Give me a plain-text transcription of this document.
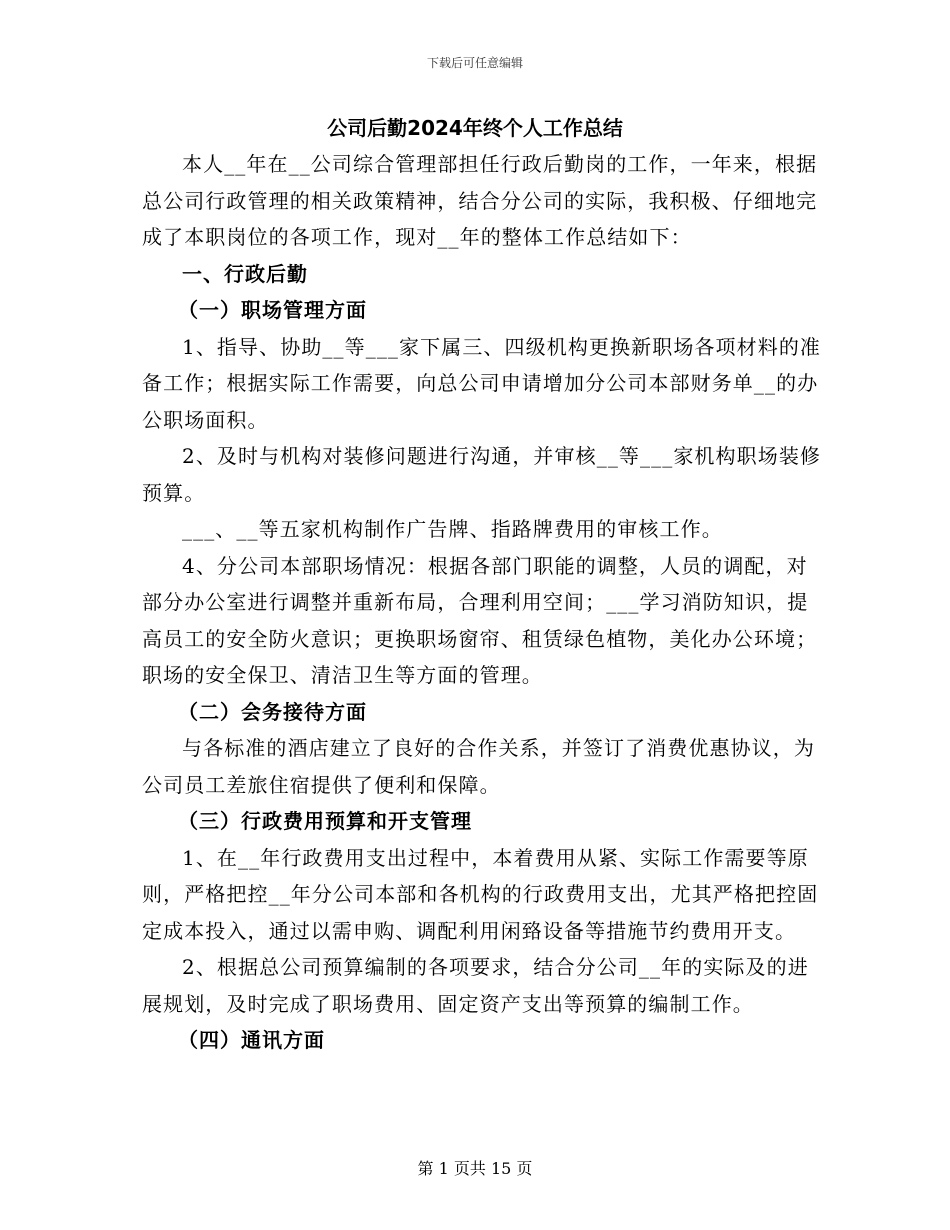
下载后可任意编辑
公司后勤2024年终个人工作总结

本人__年在__公司综合管理部担任行政后勤岗的工作，一年来，根据总公司行政管理的相关政策精神，结合分公司的实际，我积极、仔细地完成了本职岗位的各项工作，现对__年的整体工作总结如下：

一、行政后勤

（一）职场管理方面

1、指导、协助__等___家下属三、四级机构更换新职场各项材料的准备工作；根据实际工作需要，向总公司申请增加分公司本部财务单__的办公职场面积。

2、及时与机构对装修问题进行沟通，并审核__等___家机构职场装修预算。

___、__等五家机构制作广告牌、指路牌费用的审核工作。

4、分公司本部职场情况：根据各部门职能的调整，人员的调配，对部分办公室进行调整并重新布局，合理利用空间；___学习消防知识，提高员工的安全防火意识；更换职场窗帘、租赁绿色植物，美化办公环境；职场的安全保卫、清洁卫生等方面的管理。

（二）会务接待方面

与各标准的酒店建立了良好的合作关系，并签订了消费优惠协议，为公司员工差旅住宿提供了便利和保障。

（三）行政费用预算和开支管理

1、在__年行政费用支出过程中，本着费用从紧、实际工作需要等原则，严格把控__年分公司本部和各机构的行政费用支出，尤其严格把控固定成本投入，通过以需申购、调配利用闲臵设备等措施节约费用开支。

2、根据总公司预算编制的各项要求，结合分公司__年的实际及的进展规划，及时完成了职场费用、固定资产支出等预算的编制工作。

（四）通讯方面

第 1 页共 15 页
